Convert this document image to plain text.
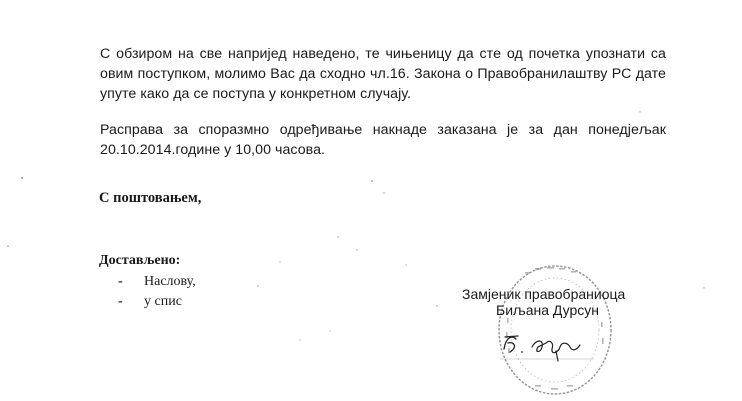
С обзиром на све напријед наведено, те чињеницу да сте од почетка упознати са овим поступком, молимо Вас да сходно чл.16. Закона о Правобранилаштву РС дате упуте како да се поступа у конкретном случају.

Расправа за споразмно одређивање накнаде заказана је за дан понедјељак 20.10.2014.године у 10,00 часова.

С поштовањем,

Достављено:

-	Наслову,
-	у спис	Замјеник правобраниоца

Биљана Дурсун
